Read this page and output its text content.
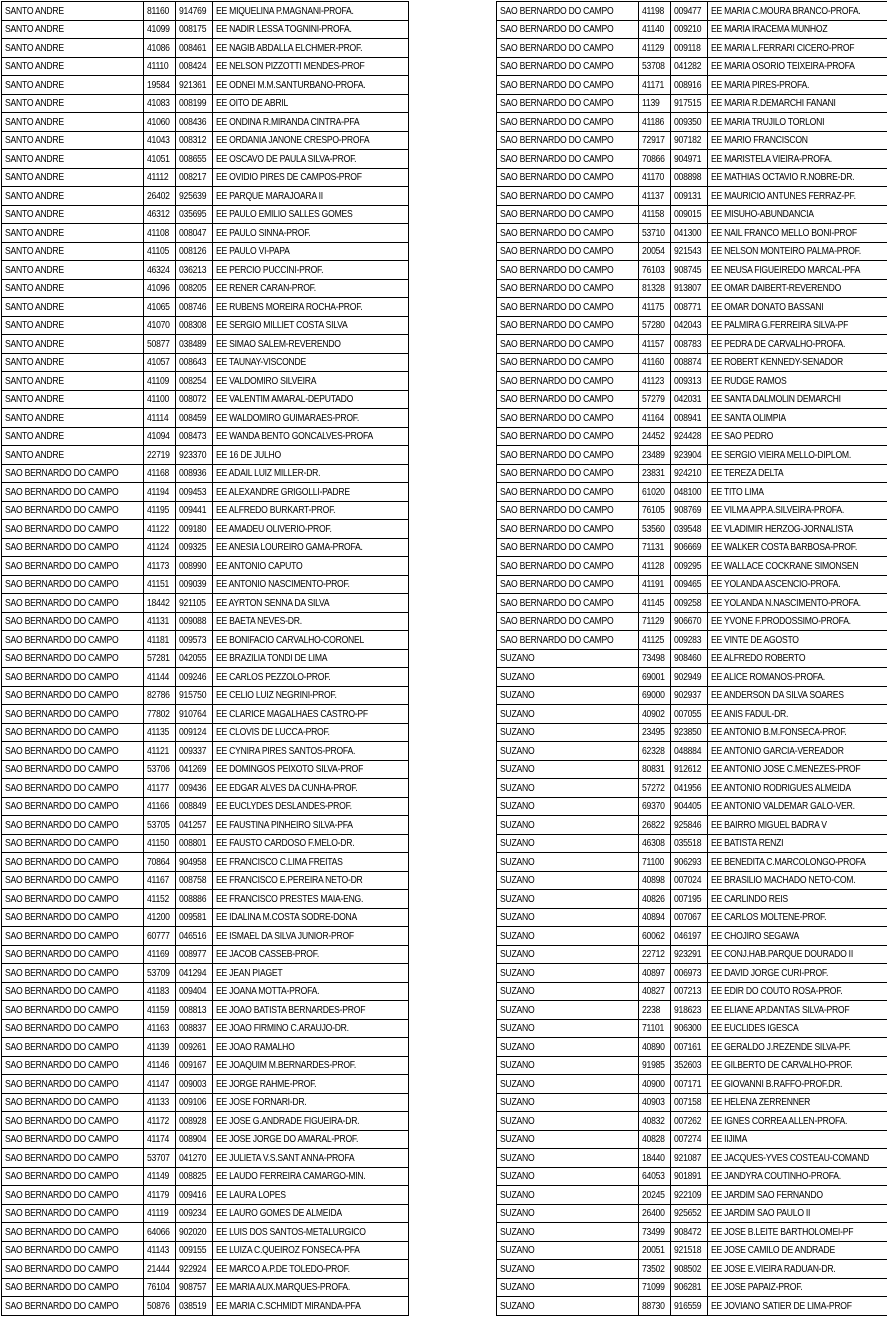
SANTO ANDRE	81160	914769	EE MIQUELINA P.MAGNANI-PROFA.
SANTO ANDRE	41099	008175	EE NADIR LESSA TOGNINI-PROFA.
SANTO ANDRE	41086	008461	EE NAGIB ABDALLA ELCHMER-PROF.
SANTO ANDRE	41110	008424	EE NELSON PIZZOTTI MENDES-PROF
SANTO ANDRE	19584	921361	EE ODNEI M.M.SANTURBANO-PROFA.
SANTO ANDRE	41083	008199	EE OITO DE ABRIL
SANTO ANDRE	41060	008436	EE ONDINA R.MIRANDA CINTRA-PFA
SANTO ANDRE	41043	008312	EE ORDANIA JANONE CRESPO-PROFA
SANTO ANDRE	41051	008655	EE OSCAVO DE PAULA SILVA-PROF.
SANTO ANDRE	41112	008217	EE OVIDIO PIRES DE CAMPOS-PROF
SANTO ANDRE	26402	925639	EE PARQUE MARAJOARA II
SANTO ANDRE	46312	035695	EE PAULO EMILIO SALLES GOMES
SANTO ANDRE	41108	008047	EE PAULO SINNA-PROF.
SANTO ANDRE	41105	008126	EE PAULO VI-PAPA
SANTO ANDRE	46324	036213	EE PERCIO PUCCINI-PROF.
SANTO ANDRE	41096	008205	EE RENER CARAN-PROF.
SANTO ANDRE	41065	008746	EE RUBENS MOREIRA ROCHA-PROF.
SANTO ANDRE	41070	008308	EE SERGIO MILLIET COSTA SILVA
SANTO ANDRE	50877	038489	EE SIMAO SALEM-REVERENDO
SANTO ANDRE	41057	008643	EE TAUNAY-VISCONDE
SANTO ANDRE	41109	008254	EE VALDOMIRO SILVEIRA
SANTO ANDRE	41100	008072	EE VALENTIM AMARAL-DEPUTADO
SANTO ANDRE	41114	008459	EE WALDOMIRO GUIMARAES-PROF.
SANTO ANDRE	41094	008473	EE WANDA BENTO GONCALVES-PROFA
SANTO ANDRE	22719	923370	EE 16 DE JULHO
SAO BERNARDO DO CAMPO	41168	008936	EE ADAIL LUIZ MILLER-DR.
SAO BERNARDO DO CAMPO	41194	009453	EE ALEXANDRE GRIGOLLI-PADRE
SAO BERNARDO DO CAMPO	41195	009441	EE ALFREDO BURKART-PROF.
SAO BERNARDO DO CAMPO	41122	009180	EE AMADEU OLIVERIO-PROF.
SAO BERNARDO DO CAMPO	41124	009325	EE ANESIA LOUREIRO GAMA-PROFA.
SAO BERNARDO DO CAMPO	41173	008990	EE ANTONIO CAPUTO
SAO BERNARDO DO CAMPO	41151	009039	EE ANTONIO NASCIMENTO-PROF.
SAO BERNARDO DO CAMPO	18442	921105	EE AYRTON SENNA DA SILVA
SAO BERNARDO DO CAMPO	41131	009088	EE BAETA NEVES-DR.
SAO BERNARDO DO CAMPO	41181	009573	EE BONIFACIO CARVALHO-CORONEL
SAO BERNARDO DO CAMPO	57281	042055	EE BRAZILIA TONDI DE LIMA
SAO BERNARDO DO CAMPO	41144	009246	EE CARLOS PEZZOLO-PROF.
SAO BERNARDO DO CAMPO	82786	915750	EE CELIO LUIZ NEGRINI-PROF.
SAO BERNARDO DO CAMPO	77802	910764	EE CLARICE MAGALHAES CASTRO-PF
SAO BERNARDO DO CAMPO	41135	009124	EE CLOVIS DE LUCCA-PROF.
SAO BERNARDO DO CAMPO	41121	009337	EE CYNIRA PIRES SANTOS-PROFA.
SAO BERNARDO DO CAMPO	53706	041269	EE DOMINGOS PEIXOTO SILVA-PROF
SAO BERNARDO DO CAMPO	41177	009436	EE EDGAR ALVES DA CUNHA-PROF.
SAO BERNARDO DO CAMPO	41166	008849	EE EUCLYDES DESLANDES-PROF.
SAO BERNARDO DO CAMPO	53705	041257	EE FAUSTINA PINHEIRO SILVA-PFA
SAO BERNARDO DO CAMPO	41150	008801	EE FAUSTO CARDOSO F.MELO-DR.
SAO BERNARDO DO CAMPO	70864	904958	EE FRANCISCO C.LIMA FREITAS
SAO BERNARDO DO CAMPO	41167	008758	EE FRANCISCO E.PEREIRA NETO-DR
SAO BERNARDO DO CAMPO	41152	008886	EE FRANCISCO PRESTES MAIA-ENG.
SAO BERNARDO DO CAMPO	41200	009581	EE IDALINA M.COSTA SODRE-DONA
SAO BERNARDO DO CAMPO	60777	046516	EE ISMAEL DA SILVA JUNIOR-PROF
SAO BERNARDO DO CAMPO	41169	008977	EE JACOB CASSEB-PROF.
SAO BERNARDO DO CAMPO	53709	041294	EE JEAN PIAGET
SAO BERNARDO DO CAMPO	41183	009404	EE JOANA MOTTA-PROFA.
SAO BERNARDO DO CAMPO	41159	008813	EE JOAO BATISTA BERNARDES-PROF
SAO BERNARDO DO CAMPO	41163	008837	EE JOAO FIRMINO C.ARAUJO-DR.
SAO BERNARDO DO CAMPO	41139	009261	EE JOAO RAMALHO
SAO BERNARDO DO CAMPO	41146	009167	EE JOAQUIM M.BERNARDES-PROF.
SAO BERNARDO DO CAMPO	41147	009003	EE JORGE RAHME-PROF.
SAO BERNARDO DO CAMPO	41133	009106	EE JOSE FORNARI-DR.
SAO BERNARDO DO CAMPO	41172	008928	EE JOSE G.ANDRADE FIGUEIRA-DR.
SAO BERNARDO DO CAMPO	41174	008904	EE JOSE JORGE DO AMARAL-PROF.
SAO BERNARDO DO CAMPO	53707	041270	EE JULIETA V.S.SANT ANNA-PROFA
SAO BERNARDO DO CAMPO	41149	008825	EE LAUDO FERREIRA CAMARGO-MIN.
SAO BERNARDO DO CAMPO	41179	009416	EE LAURA LOPES
SAO BERNARDO DO CAMPO	41119	009234	EE LAURO GOMES DE ALMEIDA
SAO BERNARDO DO CAMPO	64066	902020	EE LUIS DOS SANTOS-METALURGICO
SAO BERNARDO DO CAMPO	41143	009155	EE LUIZA C.QUEIROZ FONSECA-PFA
SAO BERNARDO DO CAMPO	21444	922924	EE MARCO A.P.DE TOLEDO-PROF.
SAO BERNARDO DO CAMPO	76104	908757	EE MARIA AUX.MARQUES-PROFA.
SAO BERNARDO DO CAMPO	50876	038519	EE MARIA C.SCHMIDT MIRANDA-PFA
SAO BERNARDO DO CAMPO	41198	009477	EE MARIA C.MOURA BRANCO-PROFA.
SAO BERNARDO DO CAMPO	41140	009210	EE MARIA IRACEMA MUNHOZ
SAO BERNARDO DO CAMPO	41129	009118	EE MARIA L.FERRARI CICERO-PROF
SAO BERNARDO DO CAMPO	53708	041282	EE MARIA OSORIO TEIXEIRA-PROFA
SAO BERNARDO DO CAMPO	41171	008916	EE MARIA PIRES-PROFA.
SAO BERNARDO DO CAMPO	1139	917515	EE MARIA R.DEMARCHI FANANI
SAO BERNARDO DO CAMPO	41186	009350	EE MARIA TRUJILO TORLONI
SAO BERNARDO DO CAMPO	72917	907182	EE MARIO FRANCISCON
SAO BERNARDO DO CAMPO	70866	904971	EE MARISTELA VIEIRA-PROFA.
SAO BERNARDO DO CAMPO	41170	008898	EE MATHIAS OCTAVIO R.NOBRE-DR.
SAO BERNARDO DO CAMPO	41137	009131	EE MAURICIO ANTUNES FERRAZ-PF.
SAO BERNARDO DO CAMPO	41158	009015	EE MISUHO-ABUNDANCIA
SAO BERNARDO DO CAMPO	53710	041300	EE NAIL FRANCO MELLO BONI-PROF
SAO BERNARDO DO CAMPO	20054	921543	EE NELSON MONTEIRO PALMA-PROF.
SAO BERNARDO DO CAMPO	76103	908745	EE NEUSA FIGUEIREDO MARCAL-PFA
SAO BERNARDO DO CAMPO	81328	913807	EE OMAR DAIBERT-REVERENDO
SAO BERNARDO DO CAMPO	41175	008771	EE OMAR DONATO BASSANI
SAO BERNARDO DO CAMPO	57280	042043	EE PALMIRA G.FERREIRA SILVA-PF
SAO BERNARDO DO CAMPO	41157	008783	EE PEDRA DE CARVALHO-PROFA.
SAO BERNARDO DO CAMPO	41160	008874	EE ROBERT KENNEDY-SENADOR
SAO BERNARDO DO CAMPO	41123	009313	EE RUDGE RAMOS
SAO BERNARDO DO CAMPO	57279	042031	EE SANTA DALMOLIN DEMARCHI
SAO BERNARDO DO CAMPO	41164	008941	EE SANTA OLIMPIA
SAO BERNARDO DO CAMPO	24452	924428	EE SAO PEDRO
SAO BERNARDO DO CAMPO	23489	923904	EE SERGIO VIEIRA MELLO-DIPLOM.
SAO BERNARDO DO CAMPO	23831	924210	EE TEREZA DELTA
SAO BERNARDO DO CAMPO	61020	048100	EE TITO LIMA
SAO BERNARDO DO CAMPO	76105	908769	EE VILMA APP.A.SILVEIRA-PROFA.
SAO BERNARDO DO CAMPO	53560	039548	EE VLADIMIR HERZOG-JORNALISTA
SAO BERNARDO DO CAMPO	71131	906669	EE WALKER COSTA BARBOSA-PROF.
SAO BERNARDO DO CAMPO	41128	009295	EE WALLACE COCKRANE SIMONSEN
SAO BERNARDO DO CAMPO	41191	009465	EE YOLANDA ASCENCIO-PROFA.
SAO BERNARDO DO CAMPO	41145	009258	EE YOLANDA N.NASCIMENTO-PROFA.
SAO BERNARDO DO CAMPO	71129	906670	EE YVONE F.PRODOSSIMO-PROFA.
SAO BERNARDO DO CAMPO	41125	009283	EE VINTE DE AGOSTO
SUZANO	73498	908460	EE ALFREDO ROBERTO
SUZANO	69001	902949	EE ALICE ROMANOS-PROFA.
SUZANO	69000	902937	EE ANDERSON DA SILVA SOARES
SUZANO	40902	007055	EE ANIS FADUL-DR.
SUZANO	23495	923850	EE ANTONIO B.M.FONSECA-PROF.
SUZANO	62328	048884	EE ANTONIO GARCIA-VEREADOR
SUZANO	80831	912612	EE ANTONIO JOSE C.MENEZES-PROF
SUZANO	57272	041956	EE ANTONIO RODRIGUES ALMEIDA
SUZANO	69370	904405	EE ANTONIO VALDEMAR GALO-VER.
SUZANO	26822	925846	EE BAIRRO MIGUEL BADRA V
SUZANO	46308	035518	EE BATISTA RENZI
SUZANO	71100	906293	EE BENEDITA C.MARCOLONGO-PROFA
SUZANO	40898	007024	EE BRASILIO MACHADO NETO-COM.
SUZANO	40826	007195	EE CARLINDO REIS
SUZANO	40894	007067	EE CARLOS MOLTENE-PROF.
SUZANO	60062	046197	EE CHOJIRO SEGAWA
SUZANO	22712	923291	EE CONJ.HAB.PARQUE DOURADO II
SUZANO	40897	006973	EE DAVID JORGE CURI-PROF.
SUZANO	40827	007213	EE EDIR DO COUTO ROSA-PROF.
SUZANO	2238	918623	EE ELIANE AP.DANTAS SILVA-PROF
SUZANO	71101	906300	EE EUCLIDES IGESCA
SUZANO	40890	007161	EE GERALDO J.REZENDE SILVA-PF.
SUZANO	91985	352603	EE GILBERTO DE CARVALHO-PROF.
SUZANO	40900	007171	EE GIOVANNI B.RAFFO-PROF.DR.
SUZANO	40903	007158	EE HELENA ZERRENNER
SUZANO	40832	007262	EE IGNES CORREA ALLEN-PROFA.
SUZANO	40828	007274	EE IIJIMA
SUZANO	18440	921087	EE JACQUES-YVES COSTEAU-COMAND
SUZANO	64053	901891	EE JANDYRA COUTINHO-PROFA.
SUZANO	20245	922109	EE JARDIM SAO FERNANDO
SUZANO	26400	925652	EE JARDIM SAO PAULO II
SUZANO	73499	908472	EE JOSE B.LEITE BARTHOLOMEI-PF
SUZANO	20051	921518	EE JOSE CAMILO DE ANDRADE
SUZANO	73502	908502	EE JOSE E.VIEIRA RADUAN-DR.
SUZANO	71099	906281	EE JOSE PAPAIZ-PROF.
SUZANO	88730	916559	EE JOVIANO SATIER DE LIMA-PROF
